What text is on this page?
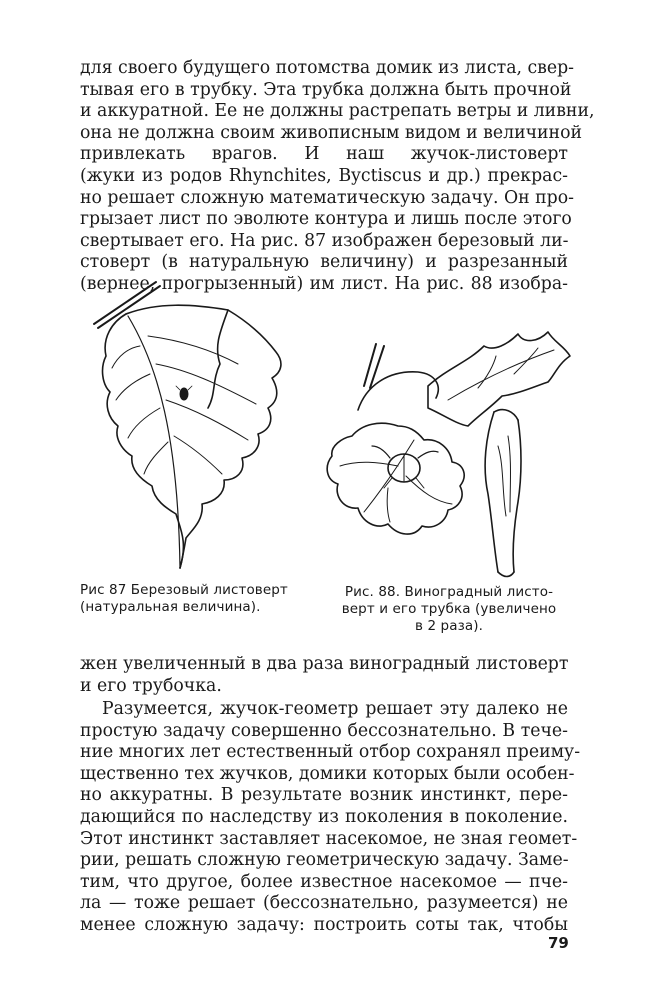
для своего будущего потомства домик из листа, свер-
тывая его в трубку. Эта трубка должна быть прочной
и аккуратной. Ее не должны растрепать ветры и ливни,
она не должна своим живописным видом и величиной
привлекать врагов. И наш жучок-листоверт
(жуки из родов Rhynchites, Byctiscus и др.) прекрас-
но решает сложную математическую задачу. Он про-
грызает лист по эволюте контура и лишь после этого
свертывает его. На рис. 87 изображен березовый ли-
стоверт (в натуральную величину) и разрезанный
(вернее, прогрызенный) им лист. На рис. 88 изобра-
Рис 87 Березовый листоверт
(натуральная величина).
Рис. 88. Виноградный листо-
верт и его трубка (увеличено
в 2 раза).
жен увеличенный в два раза виноградный листоверт
и его трубочка.
Разумеется, жучок-геометр решает эту далеко не
простую задачу совершенно бессознательно. В тече-
ние многих лет естественный отбор сохранял преиму-
щественно тех жучков, домики которых были особен-
но аккуратны. В результате возник инстинкт, пере-
дающийся по наследству из поколения в поколение.
Этот инстинкт заставляет насекомое, не зная геомет-
рии, решать сложную геометрическую задачу. Заме-
тим, что другое, более известное насекомое — пче-
ла — тоже решает (бессознательно, разумеется) не
менее сложную задачу: построить соты так, чтобы
79
